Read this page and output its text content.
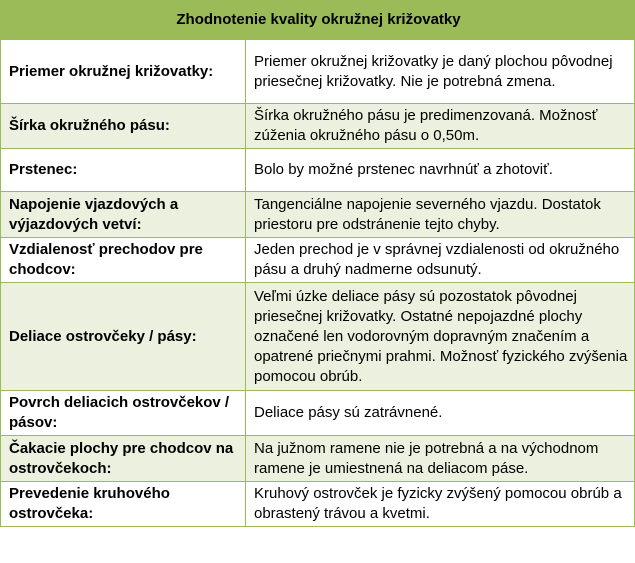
Zhodnotenie kvality okružnej križovatky	
Priemer okružnej križovatky:	Priemer okružnej križovatky je daný plochou pôvodnej priesečnej križovatky. Nie je potrebná zmena.
Šírka okružného pásu:	Šírka okružného pásu je predimenzovaná. Možnosť zúženia okružného pásu o 0,50m.
Prstenec:	Bolo by možné prstenec navrhnúť a zhotoviť.
Napojenie vjazdových a výjazdových vetví:	Tangenciálne napojenie severného vjazdu. Dostatok priestoru pre odstránenie tejto chyby.
Vzdialenosť prechodov pre chodcov:	Jeden prechod je v správnej vzdialenosti od okružného pásu a druhý nadmerne odsunutý.
Deliace ostrovčeky / pásy:	Veľmi úzke deliace pásy sú pozostatok pôvodnej priesečnej križovatky. Ostatné nepojazdné plochy označené len vodorovným dopravným značením a opatrené priečnymi prahmi. Možnosť fyzického zvýšenia pomocou obrúb.
Povrch deliacich ostrovčekov / pásov:	Deliace pásy sú zatrávnené.
Čakacie plochy pre chodcov na ostrovčekoch:	Na južnom ramene nie je potrebná a na východnom ramene je umiestnená na deliacom páse.
Prevedenie kruhového ostrovčeka:	Kruhový ostrovček je fyzicky zvýšený pomocou obrúb a obrastený trávou a kvetmi.
